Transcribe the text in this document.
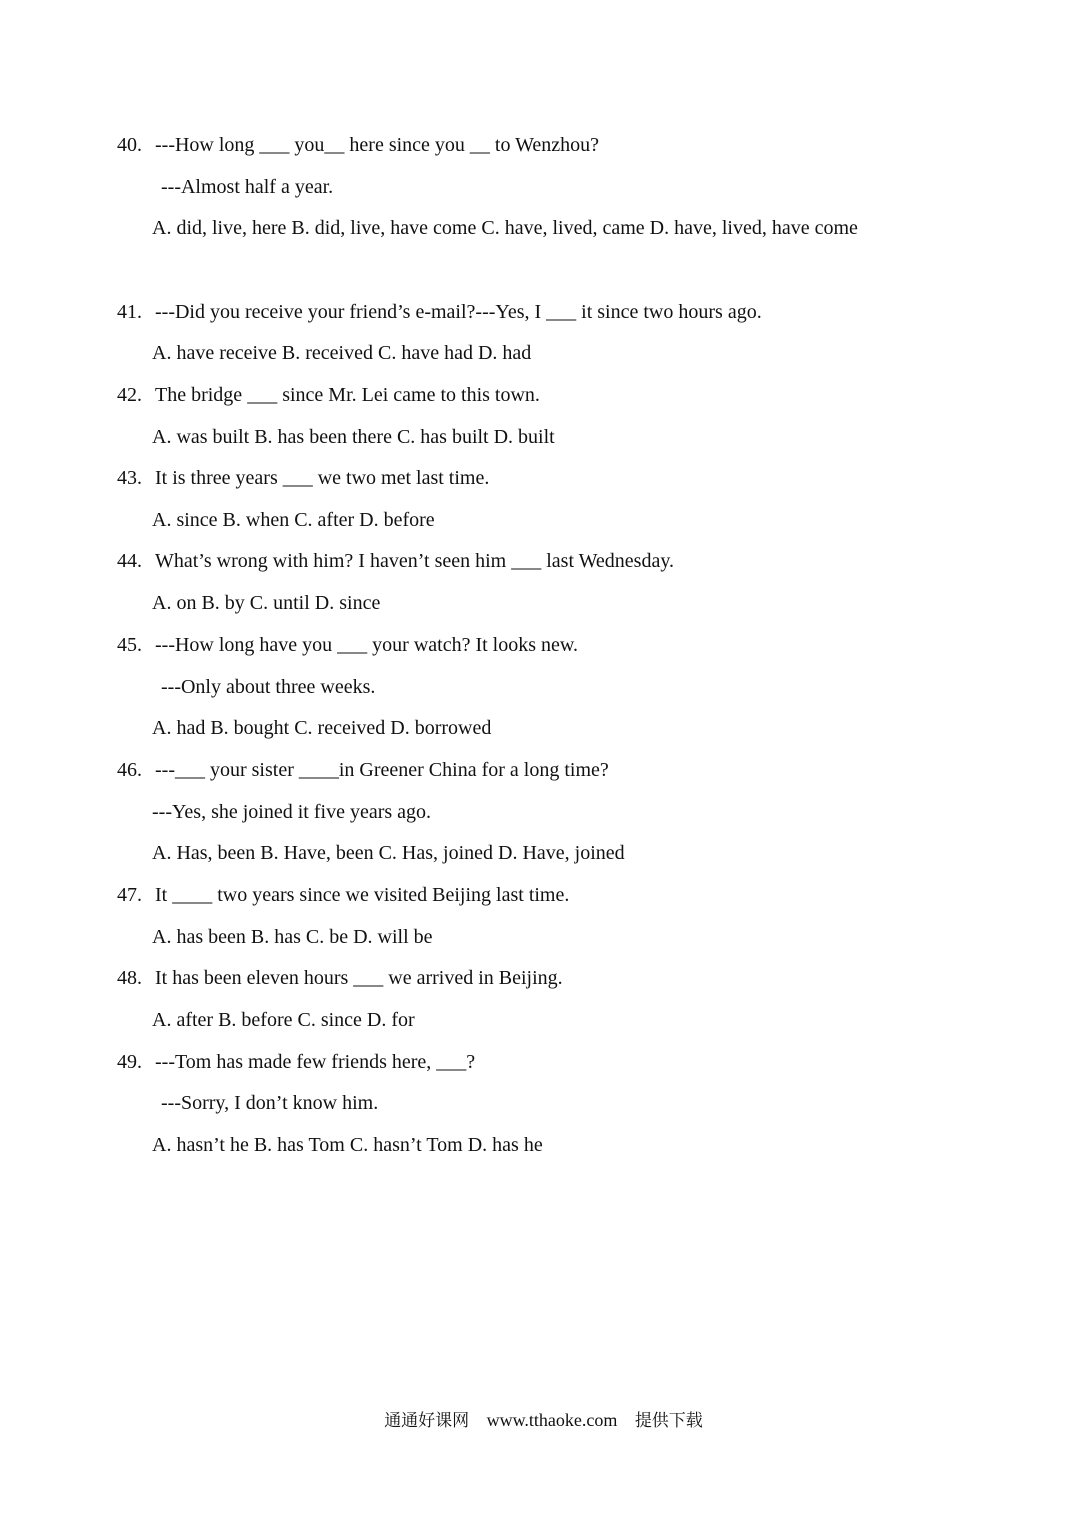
40. ---How long ___ you__ here since you __ to Wenzhou?
---Almost half a year.
A. did, live, here B. did, live, have come C. have, lived, came D. have, lived, have come
41. ---Did you receive your friend’s e-mail?---Yes, I ___ it since two hours ago.
A. have receive B. received C. have had D. had
42. The bridge ___ since Mr. Lei came to this town.
A. was built B. has been there C. has built D. built
43. It is three years ___ we two met last time.
A. since B. when C. after D. before
44. What’s wrong with him? I haven’t seen him ___ last Wednesday.
A. on B. by C. until D. since
45. ---How long have you ___ your watch? It looks new.
---Only about three weeks.
A. had B. bought C. received D. borrowed
46. ---___ your sister ____in Greener China for a long time?
---Yes, she joined it five years ago.
A. Has, been B. Have, been C. Has, joined D. Have, joined
47. It ____ two years since we visited Beijing last time.
A. has been B. has C. be D. will be
48. It has been eleven hours ___ we arrived in Beijing.
A. after B. before C. since D. for
49. ---Tom has made few friends here, ___?
---Sorry, I don’t know him.
A. hasn’t he B. has Tom C. hasn’t Tom D. has he
通通好课网 www.tthaoke.com 提供下载
